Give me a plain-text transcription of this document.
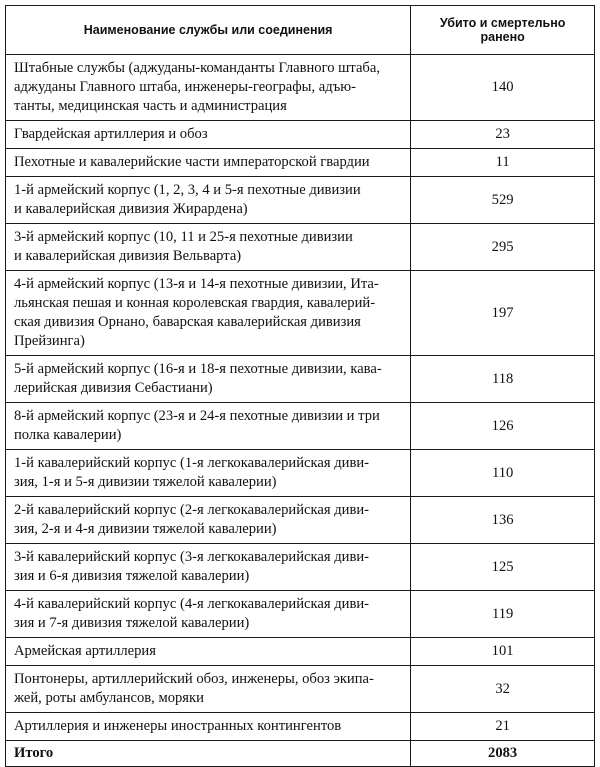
Наименование службы или соединения	Убито и смертельно ранено
Штабные службы (аджуданы-команданты Главного штаба,
аджуданы Главного штаба, инженеры-географы, адъю-
танты, медицинская часть и администрация	140
Гвардейская артиллерия и обоз	23
Пехотные и кавалерийские части императорской гвардии	11
1-й армейский корпус (1, 2, 3, 4 и 5-я пехотные дивизии
и кавалерийская дивизия Жирардена)	529
3-й армейский корпус (10, 11 и 25-я пехотные дивизии
и кавалерийская дивизия Вельварта)	295
4-й армейский корпус (13-я и 14-я пехотные дивизии, Ита-
льянская пешая и конная королевская гвардия, кавалерий-
ская дивизия Орнано, баварская кавалерийская дивизия
Прейзинга)	197
5-й армейский корпус (16-я и 18-я пехотные дивизии, кава-
лерийская дивизия Себастиани)	118
8-й армейский корпус (23-я и 24-я пехотные дивизии и три
полка кавалерии)	126
1-й кавалерийский корпус (1-я легкокавалерийская диви-
зия, 1-я и 5-я дивизии тяжелой кавалерии)	110
2-й кавалерийский корпус (2-я легкокавалерийская диви-
зия, 2-я и 4-я дивизии тяжелой кавалерии)	136
3-й кавалерийский корпус (3-я легкокавалерийская диви-
зия и 6-я дивизия тяжелой кавалерии)	125
4-й кавалерийский корпус (4-я легкокавалерийская диви-
зия и 7-я дивизия тяжелой кавалерии)	119
Армейская артиллерия	101
Понтонеры, артиллерийский обоз, инженеры, обоз экипа-
жей, роты амбулансов, моряки	32
Артиллерия и инженеры иностранных контингентов	21
Итого	2083
